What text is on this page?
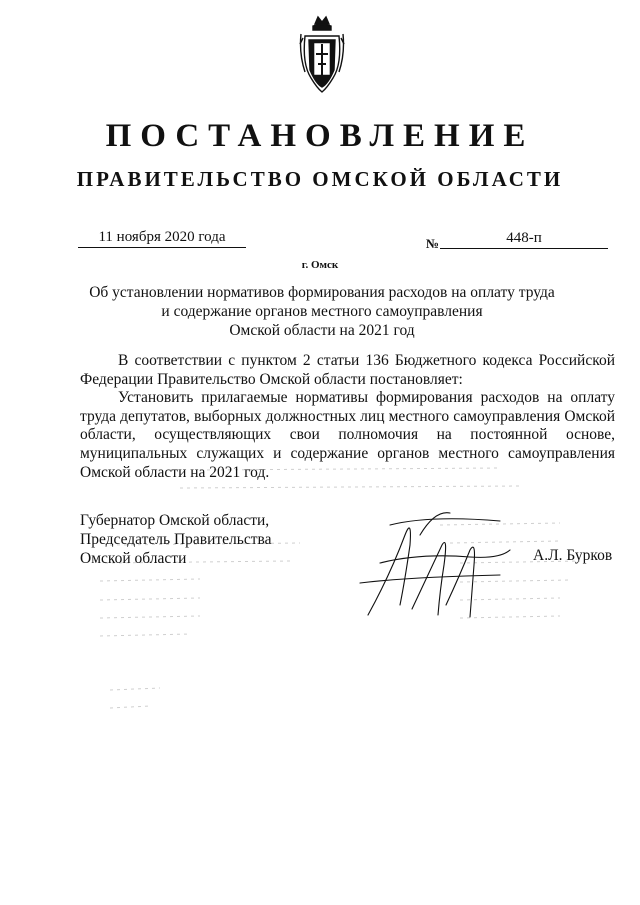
ПОСТАНОВЛЕНИЕ
ПРАВИТЕЛЬСТВО ОМСКОЙ ОБЛАСТИ
11 ноября 2020 года	№	448-п
г. Омск
Об установлении нормативов формирования расходов на оплату труда
и содержание органов местного самоуправления
Омской области на 2021 год

В соответствии с пунктом 2 статьи 136 Бюджетного кодекса Российской Федерации Правительство Омской области постановляет:

Установить прилагаемые нормативы формирования расходов на оплату труда депутатов, выборных должностных лиц местного самоуправления Омской области, осуществляющих свои полномочия на постоянной основе, муниципальных служащих и содержание органов местного самоуправления Омской области на 2021 год.

Губернатор Омской области,
Председатель Правительства
Омской области	А.Л. Бурков
